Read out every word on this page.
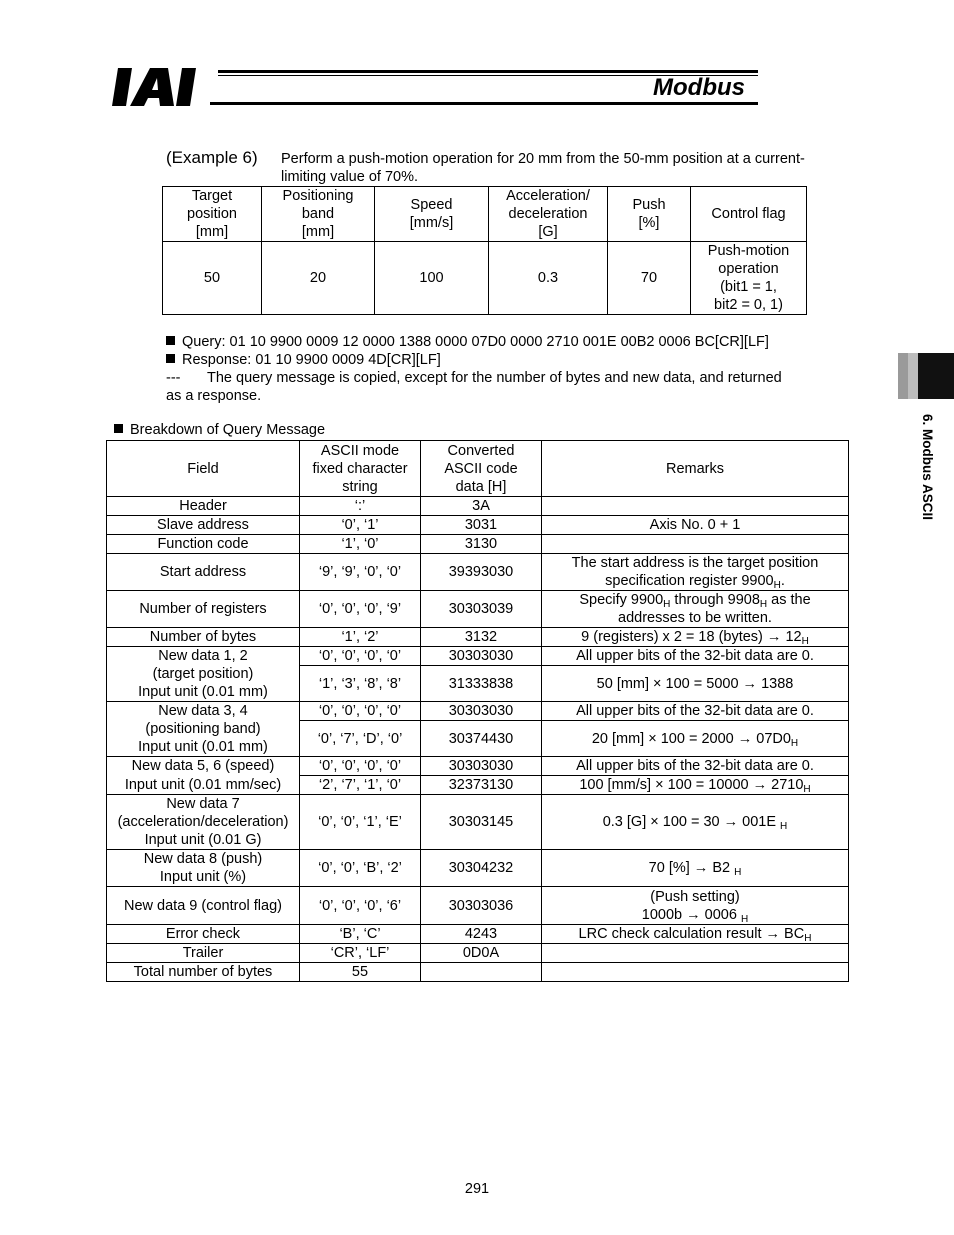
Modbus
6. Modbus ASCII
(Example 6) Perform a push-motion operation for 20 mm from the 50-mm position at a current-limiting value of 70%.
Target
position
[mm]	Positioning
band
[mm]	Speed
[mm/s]	Acceleration/
deceleration
[G]	Push
[%]	Control flag
50	20	100	0.3	70	Push-motion
operation
(bit1 = 1,
bit2 = 0, 1)
Query: 01 10 9900 0009 12 0000 1388 0000 07D0 0000 2710 001E 00B2 0006 BC[CR][LF]
Response: 01 10 9900 0009 4D[CR][LF]
--- The query message is copied, except for the number of bytes and new data, and returned
as a response.
Breakdown of Query Message
Field	ASCII mode
fixed character
string	Converted
ASCII code
data [H]	Remarks
Header	‘:’	3A	
Slave address	‘0’, ‘1’	3031	Axis No. 0 + 1
Function code	‘1’, ‘0’	3130	
Start address	‘9’, ‘9’, ‘0’, ‘0’	39393030	The start address is the target position
specification register $9900_H$.
Number of registers	‘0’, ‘0’, ‘0’, ‘9’	30303039	Specify $9900_H$ through $9908_H$ as the
addresses to be written.
Number of bytes	‘1’, ‘2’	3132	9 (registers) x 2 = 18 (bytes) → $12_H$
New data 1, 2
(target position)
Input unit (0.01 mm)	‘0’, ‘0’, ‘0’, ‘0’	30303030	All upper bits of the 32-bit data are 0.
	‘1’, ‘3’, ‘8’, ‘8’	31333838	50 [mm] × 100 = 5000 → 1388
New data 3, 4
(positioning band)
Input unit (0.01 mm)	‘0’, ‘0’, ‘0’, ‘0’	30303030	All upper bits of the 32-bit data are 0.
	‘0’, ‘7’, ‘D’, ‘0’	30374430	20 $[mm] \times 100 = 2000 \to 07D0_H$
New data 5, 6 (speed)	‘0’, ‘0’, ‘0’, ‘0’	30303030	All upper bits of the 32-bit data are 0.
Input unit (0.01 mm/sec)	‘2’, ‘7’, ‘1’, ‘0’	32373130	100 $[mm/s] \times 100 = 10000 \to 2710_H$
New data 7
(acceleration/deceleration)
Input unit (0.01 G)	‘0’, ‘0’, ‘1’, ‘E’	30303145	0.3 [G] × 100 = 30 → 001E $_H$
New data 8 (push)
Input unit (%)	‘0’, ‘0’, ‘B’, ‘2’	30304232	70 [%] → B2 $_H$
New data 9 (control flag)	‘0’, ‘0’, ‘0’, ‘6’	30303036	(Push setting)
1000b → 0006 $_H$
Error check	‘B’, ‘C’	4243	LRC check calculation result → $BC_H$
Trailer	‘CR’, ‘LF’	0D0A	
Total number of bytes	55		
291
